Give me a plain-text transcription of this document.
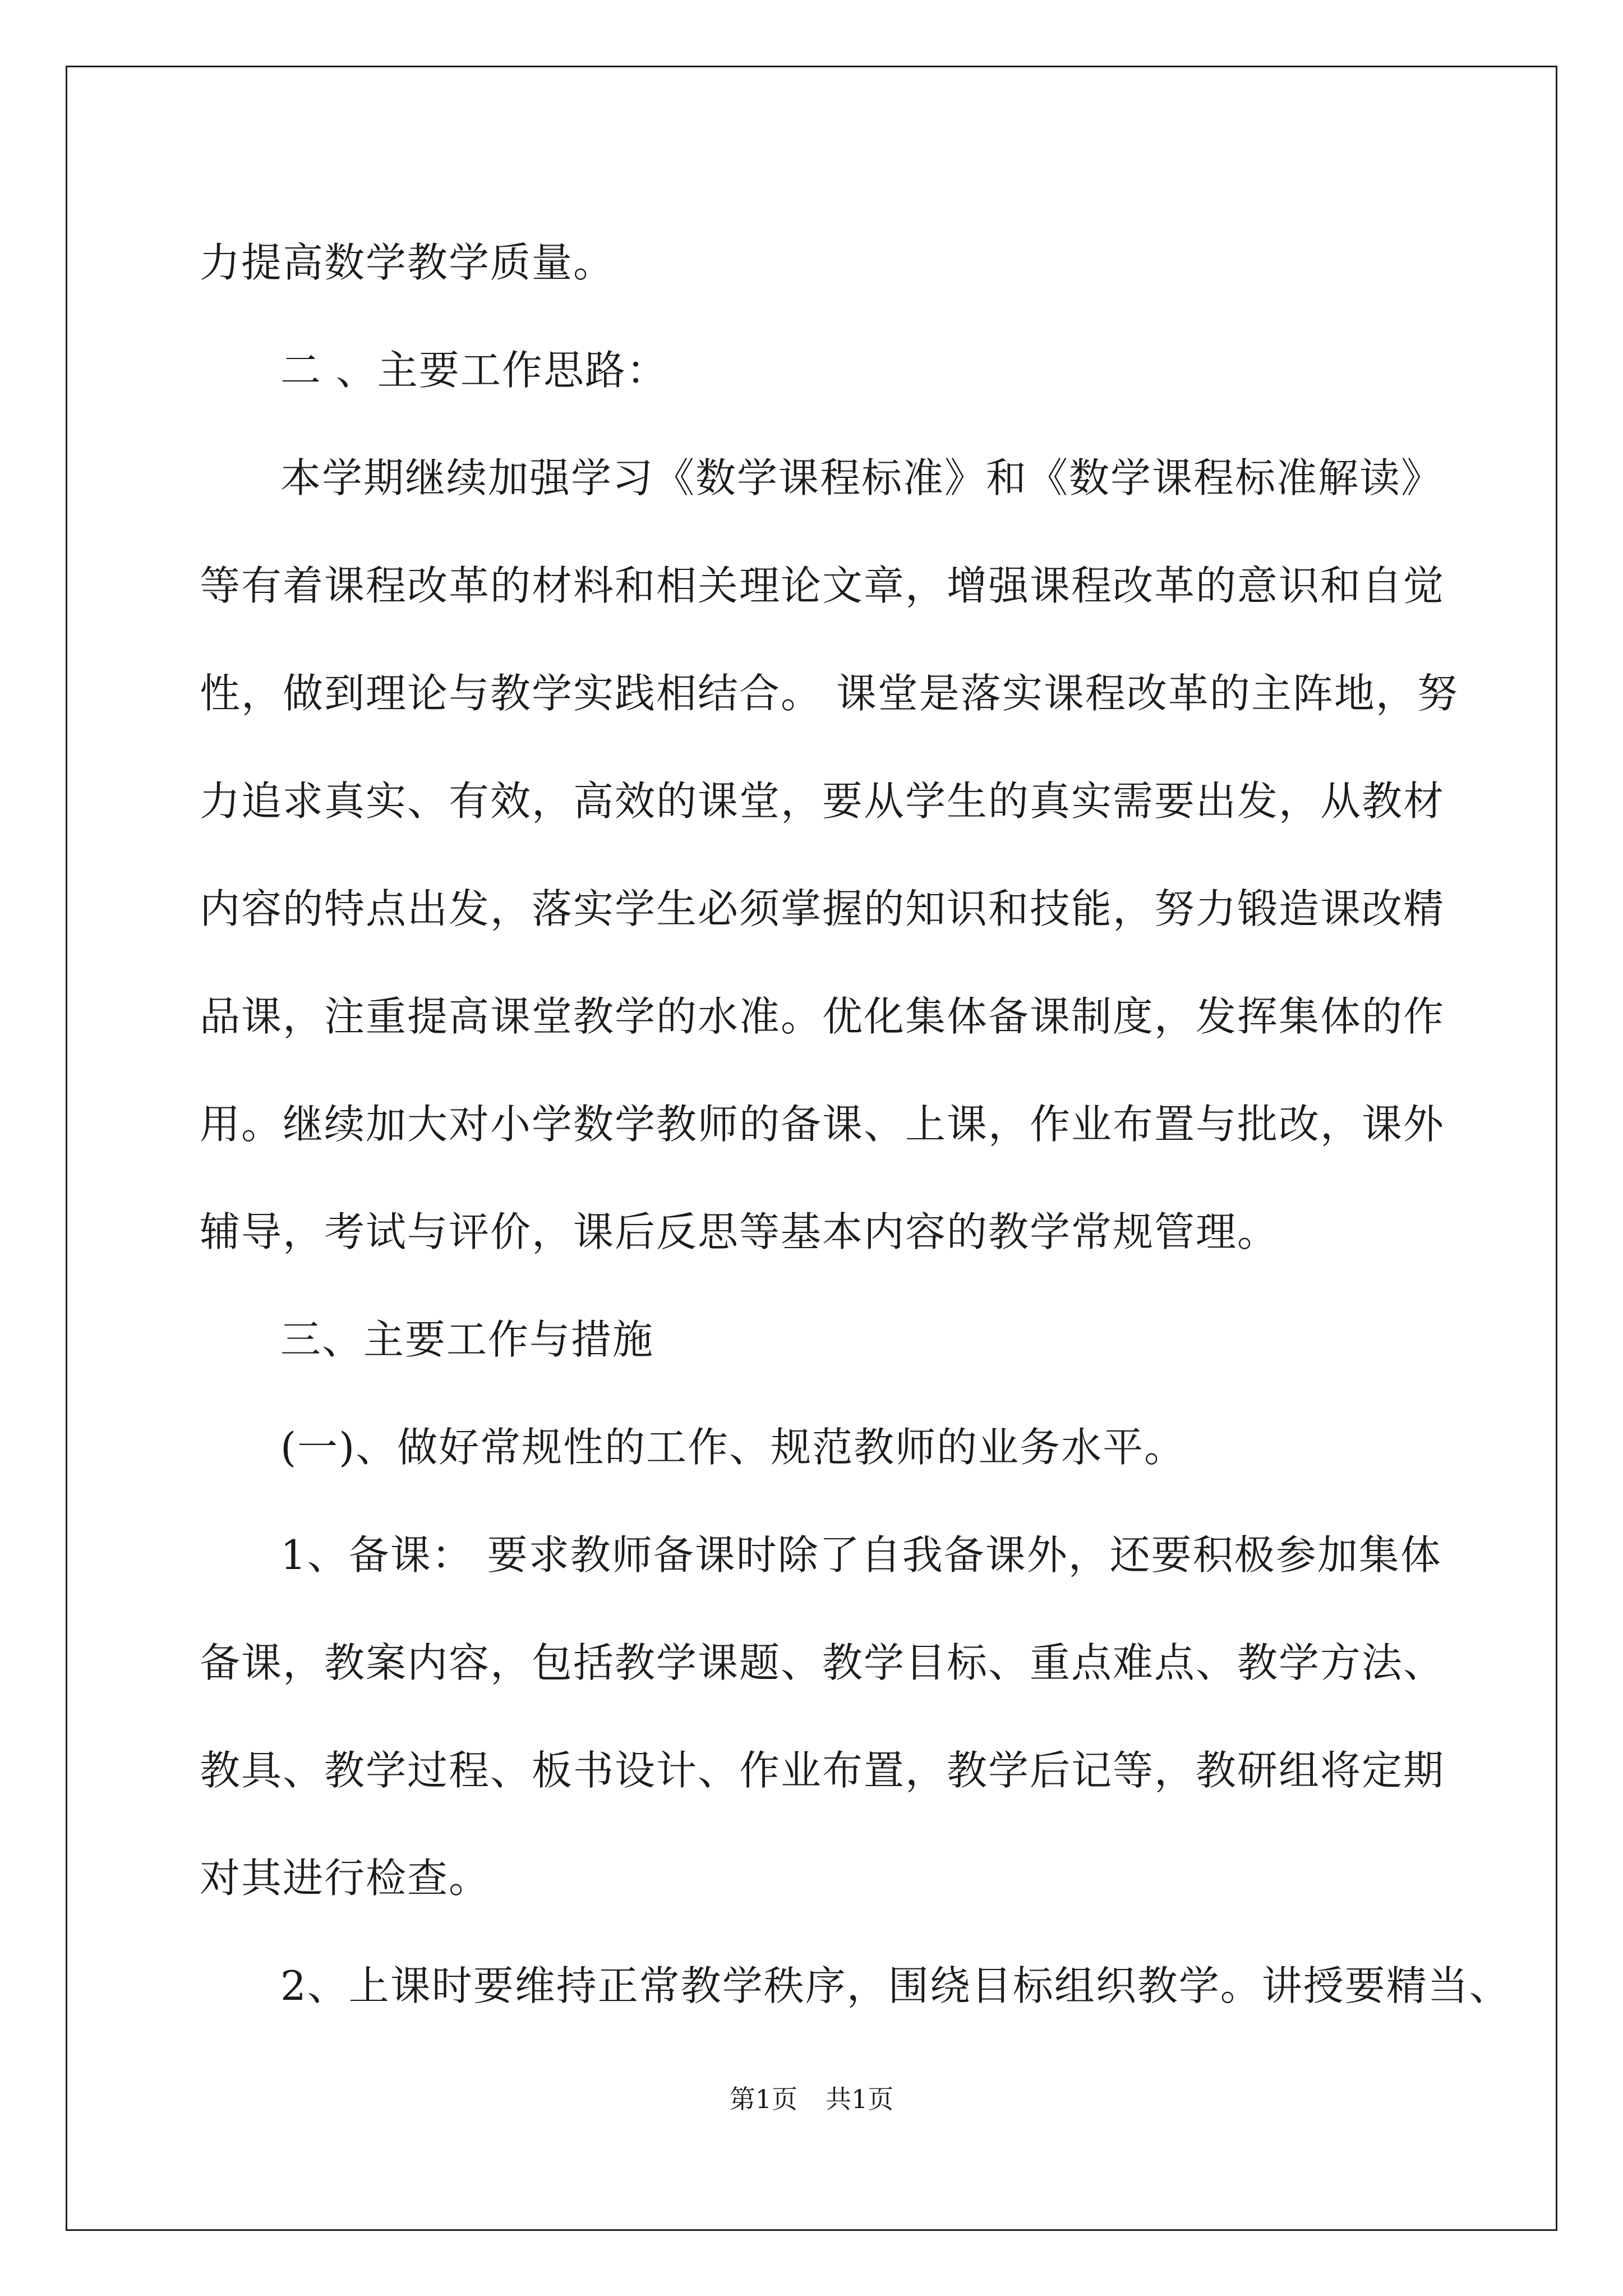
力提高数学教学质量。
二 、主要工作思路：
本学期继续加强学习《数学课程标准》和《数学课程标准解读》
等有着课程改革的材料和相关理论文章，增强课程改革的意识和自觉
性，做到理论与教学实践相结合。 课堂是落实课程改革的主阵地，努
力追求真实、有效，高效的课堂，要从学生的真实需要出发，从教材
内容的特点出发，落实学生必须掌握的知识和技能，努力锻造课改精
品课，注重提高课堂教学的水准。优化集体备课制度，发挥集体的作
用。继续加大对小学数学教师的备课、上课，作业布置与批改，课外
辅导，考试与评价，课后反思等基本内容的教学常规管理。
三、主要工作与措施
(一)、做好常规性的工作、规范教师的业务水平。
1、备课： 要求教师备课时除了自我备课外，还要积极参加集体
备课，教案内容，包括教学课题、教学目标、重点难点、教学方法、
教具、教学过程、板书设计、作业布置，教学后记等，教研组将定期
对其进行检查。
2、上课时要维持正常教学秩序，围绕目标组织教学。讲授要精当、
第1页 共1页
